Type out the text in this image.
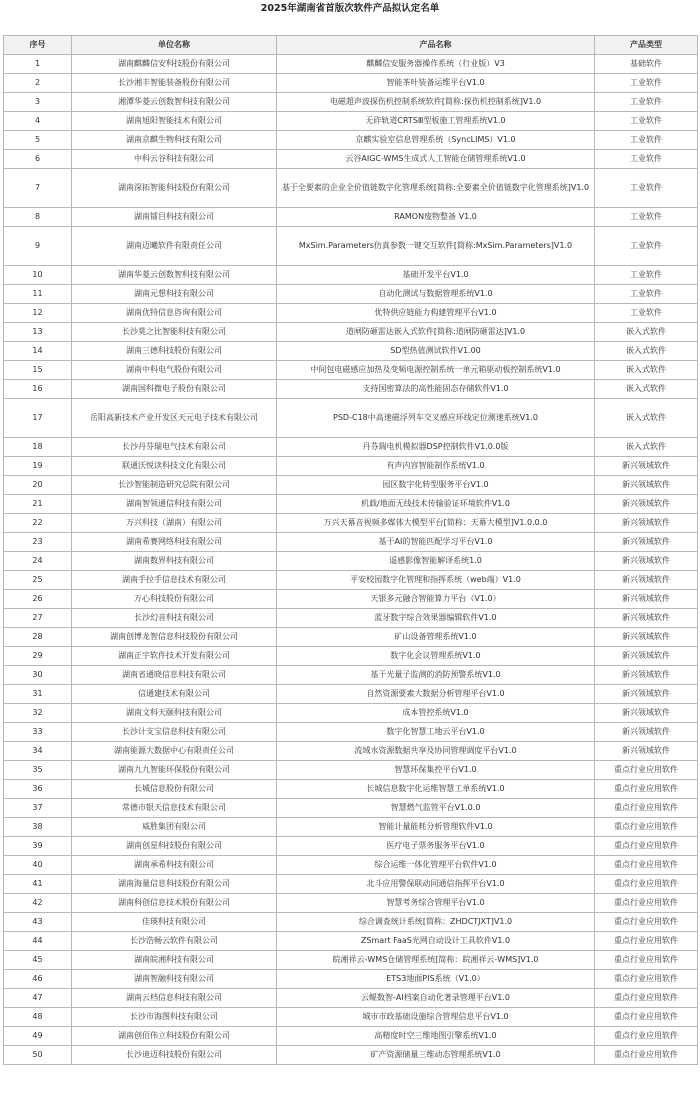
2025年湖南省首版次软件产品拟认定名单
序号	单位名称	产品名称	产品类型
1	湖南麒麟信安科技股份有限公司	麒麟信安服务器操作系统（行业版）V3	基础软件
2	长沙湘丰智能装备股份有限公司	智能茶叶装备运维平台V1.0	工业软件
3	湘潭华菱云创数智科技有限公司	电磁超声波探伤机控制系统软件[简称:探伤机控制系统]V1.0	工业软件
4	湖南旭阳智能技术有限公司	无砟轨道CRTSⅢ型板施工管理系统V1.0	工业软件
5	湖南京麒生物科技有限公司	京麒实验室信息管理系统（SyncLIMS）V1.0	工业软件
6	中科云谷科技有限公司	云谷AIGC-WMS生成式人工智能仓储管理系统V1.0	工业软件
7	湖南深拓智能科技股份有限公司	基于全要素的企业全价值链数字化管理系统[简称:全要素全价值链数字化管理系统]V1.0	工业软件
8	湖南镭目科技有限公司	RAMON废物整备 V1.0	工业软件
9	湖南迈曦软件有限责任公司	MxSim.Parameters仿真参数一键交互软件[简称:MxSim.Parameters]V1.0	工业软件
10	湖南华菱云创数智科技有限公司	基础开发平台V1.0	工业软件
11	湖南元想科技有限公司	自动化测试与数据管理系统V1.0	工业软件
12	湖南优特信息咨询有限公司	优特供应链能力构建管理平台V1.0	工业软件
13	长沙莫之比智能科技有限公司	道闸防砸雷达嵌入式软件[简称:道闸防砸雷达]V1.0	嵌入式软件
14	湖南三德科技股份有限公司	SD型热值测试软件V1.00	嵌入式软件
15	湖南中科电气股份有限公司	中间包电磁感应加热及变频电源控制系统一单元箱驱动板控制系统V1.0	嵌入式软件
16	湖南国科微电子股份有限公司	支持国密算法的高性能固态存储软件V1.0	嵌入式软件
17	岳阳高新技术产业开发区天元电子技术有限公司	PSD-C18中高速磁浮列车交叉感应环线定位测速系统V1.0	嵌入式软件
18	长沙丹芬瑞电气技术有限公司	丹芬瑞电机模拟器DSP控制软件V1.0.0版	嵌入式软件
19	联通沃悦读科技文化有限公司	有声内容智能制作系统V1.0	新兴领域软件
20	长沙智能制造研究总院有限公司	园区数字化转型服务平台V1.0	新兴领域软件
21	湖南智领通信科技有限公司	机载/地面无线技术传输验证环境软件V1.0	新兴领域软件
22	万兴科技（湖南）有限公司	万兴天幕音视频多媒体大模型平台[简称：天幕大模型]V1.0.0.0	新兴领域软件
23	湖南希赛网络科技有限公司	基于AI的智能匹配学习平台V1.0	新兴领域软件
24	湖南数界科技有限公司	遥感影像智能解译系统1.0	新兴领域软件
25	湖南手拉手信息技术有限公司	平安校园数字化管理和指挥系统（web端）V1.0	新兴领域软件
26	万心科技股份有限公司	天银多元融合智能算力平台（V1.0）	新兴领域软件
27	长沙幻音科技有限公司	蓝牙数字综合效果器编辑软件V1.0	新兴领域软件
28	湖南创博龙智信息科技股份有限公司	矿山设备管理系统V1.0	新兴领域软件
29	湖南正宇软件技术开发有限公司	数字化会议管理系统V1.0	新兴领域软件
30	湖南省通晓信息科技有限公司	基于光量子监测的消防预警系统V1.0	新兴领域软件
31	信通建技术有限公司	自然资源要素大数据分析管理平台V1.0	新兴领域软件
32	湖南文科天颐科技有限公司	成本管控系统V1.0	新兴领域软件
33	长沙计支宝信息科技有限公司	数字化智慧工地云平台V1.0	新兴领域软件
34	湖南能源大数据中心有限责任公司	流域水资源数据共享及协同管理调度平台V1.0	新兴领域软件
35	湖南九九智能环保股份有限公司	智慧环保集控平台V1.0	重点行业应用软件
36	长城信息股份有限公司	长城信息数字化运维智慧工单系统V1.0	重点行业应用软件
37	常德市银天信息技术有限公司	智慧燃气监管平台V1.0.0	重点行业应用软件
38	威胜集团有限公司	智能计量能耗分析管理软件V1.0	重点行业应用软件
39	湖南创星科技股份有限公司	医疗电子票务服务平台V1.0	重点行业应用软件
40	湖南承希科技有限公司	综合运维一体化管理平台软件V1.0	重点行业应用软件
41	湖南海量信息科技股份有限公司	北斗应用警保联动同通信指挥平台V1.0	重点行业应用软件
42	湖南科创信息技术股份有限公司	智慧考务综合管理平台V1.0	重点行业应用软件
43	佳瑛科技有限公司	综合调查统计系统[简称：ZHDCTJXT]V1.0	重点行业应用软件
44	长沙浩畅云软件有限公司	ZSmart FaaS光网自动设计工具软件V1.0	重点行业应用软件
45	湖南皖湘科技有限公司	皖湘祥云-WMS仓储管理系统[简称：皖湘祥云-WMS]V1.0	重点行业应用软件
46	湖南智融科技有限公司	ETS3地面PIS系统（V1.0）	重点行业应用软件
47	湖南云档信息科技有限公司	云鲲数智-AI档案自动化著录管理平台V1.0	重点行业应用软件
48	长沙市海图科技有限公司	城市市政基础设施综合管理信息平台V1.0	重点行业应用软件
49	湖南创佰伟立科技股份有限公司	高精度时空三维地图引擎系统V1.0	重点行业应用软件
50	长沙迪迈科技股份有限公司	矿产资源储量三维动态管理系统V1.0	重点行业应用软件
